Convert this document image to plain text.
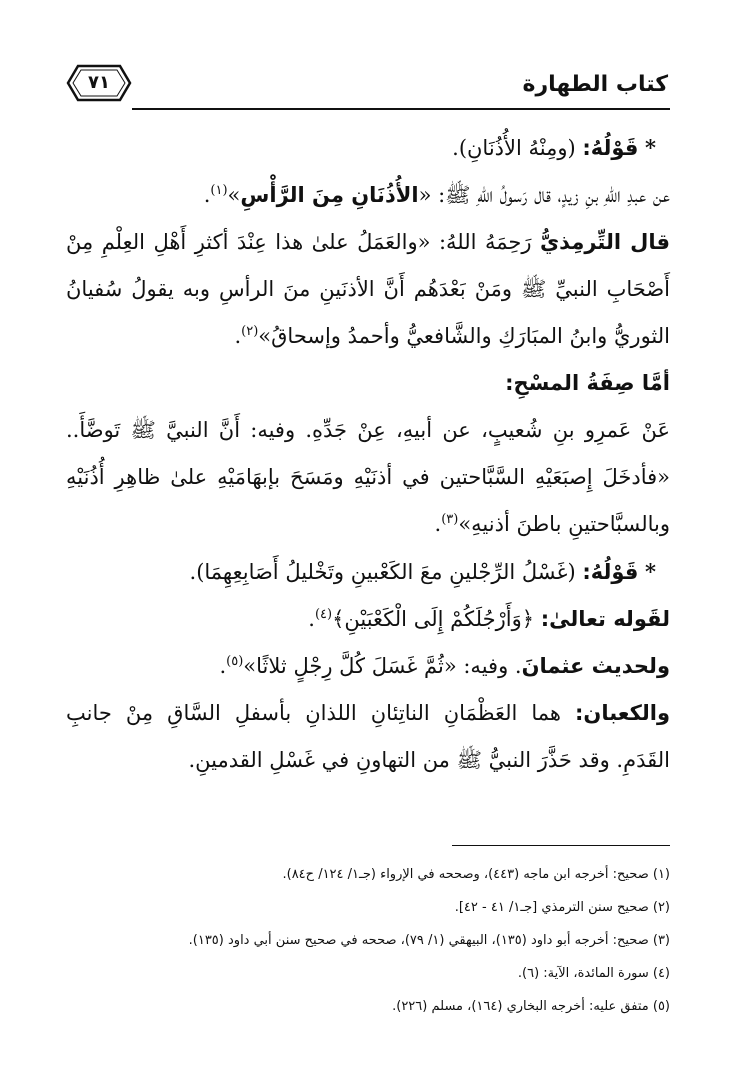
كتاب الطهارة
٧١

* قَوْلُهُ: (ومِنْهُ الأُذُنَانِ).

عن عبدِ اللهِ بنِ زيدٍ، قال رَسولُ اللهِ ﷺ: «الأُذُنَانِ مِنَ الرَّأْسِ»$^{(١)}$.

قال التِّرمِذيُّ رَحِمَهُ اللهُ: «والعَمَلُ علىٰ هذا عِنْدَ أكثرِ أَهْلِ العِلْمِ مِنْ أَصْحَابِ النبيِّ ﷺ ومَنْ بَعْدَهُم أَنَّ الأذنَينِ منَ الرأسِ وبه يقولُ سُفيانُ الثوريُّ وابنُ المبَارَكِ والشَّافعيُّ وأحمدُ وإسحاقُ»$^{(٢)}$.

أمَّا صِفَةُ المسْحِ:

عَنْ عَمرِو بنِ شُعيبٍ، عن أبيهِ، عِنْ جَدِّهِ. وفيه: أَنَّ النبيَّ ﷺ تَوضَّأَ.. «فأدخَلَ إِصبَعَيْهِ السَّبَّاحتين في أذنَيْهِ ومَسَحَ بإبهَامَيْهِ علىٰ ظاهِرِ أُذُنَيْهِ وبالسبَّاحتينِ باطنَ أذنيهِ»$^{(٣)}$.

* قَوْلُهُ: (غَسْلُ الرِّجْلينِ معَ الكَعْبينِ وتَخْليلُ أَصَابِعِهِمَا).

لقَوله تعالىٰ: ﴿وَأَرْجُلَكُمْ إِلَى الْكَعْبَيْنِ﴾$^{(٤)}$.

ولحديث عثمانَ. وفيه: «ثُمَّ غَسَلَ كُلَّ رِجْلٍ ثلاثًا»$^{(٥)}$.

والكعبان: هما العَظْمَانِ الناتِئانِ اللذانِ بأسفلِ السَّاقِ مِنْ جانبِ القَدَمِ. وقد حَذَّرَ النبيُّ ﷺ من التهاونِ في غَسْلِ القدمينِ.

(١) صحيح: أخرجه ابن ماجه (٤٤٣)، وصححه في الإرواء (جـ١/ ١٢٤/ ح٨٤).

(٢) صحيح سنن الترمذي [جـ١/ ٤١ - ٤٢].

(٣) صحيح: أخرجه أبو داود (١٣٥)، البيهقي (١/ ٧٩)، صححه في صحيح سنن أبي داود (١٣٥).

(٤) سورة المائدة، الآية: (٦).

(٥) متفق عليه: أخرجه البخاري (١٦٤)، مسلم (٢٢٦).
